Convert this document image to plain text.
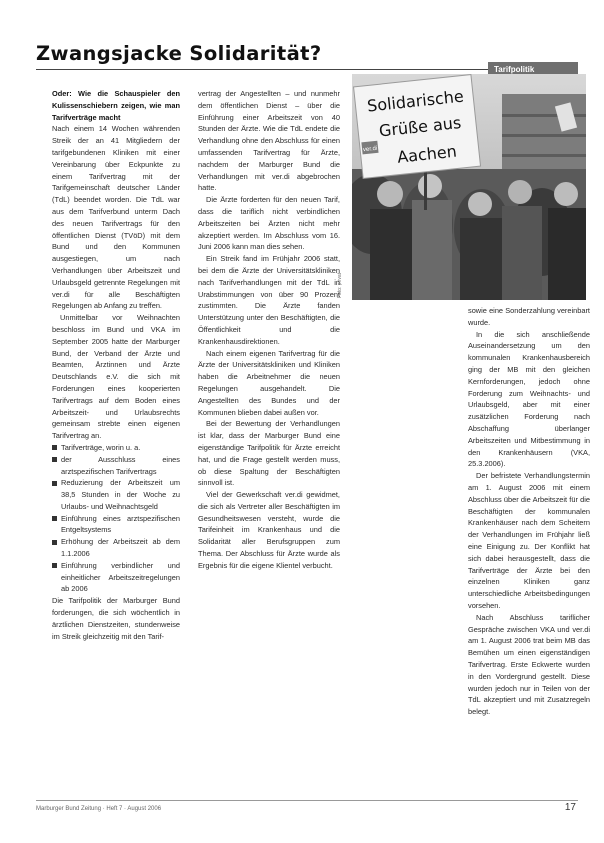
Zwangsjacke Solidarität?
Tarifpolitik
ver.di
Solidarische
Grüße aus
Aachen
Foto: privat

Oder: Wie die Schauspieler den Kulissenschiebern zeigen, wie man Tarifverträge macht

Nach einem 14 Wochen währenden Streik der an 41 Mitgliedern der tarifgebundenen Kliniken mit einer Vereinbarung über Eckpunkte zu einem Tarifvertrag mit der Tarifgemeinschaft deutscher Länder (TdL) beendet worden. Die TdL war aus dem Tarifverbund unterm Dach des neuen Tarifvertrags für den öffentlichen Dienst (TVöD) mit dem Bund und den Kommunen ausgestiegen, um nach Verhandlungen über Arbeitszeit und Urlaubsgeld getrennte Regelungen mit ver.di für alle Beschäftigten Regelungen ab Anfang zu treffen.

Unmittelbar vor Weihnachten beschloss im Bund und VKA im September 2005 hatte der Marburger Bund, der Verband der Ärzte und Beamten, Ärztinnen und Ärzte Deutschlands e.V. die sich mit Forderungen eines kooperierten Tarifvertrags auf dem Boden eines Arbeitszeit- und Urlaubsrechts gemeinsam strebte einen eigenen Tarifvertrag an.

Tarifverträge, worin u. a.
der Ausschluss eines arztspezifischen Tarifvertrags
Reduzierung der Arbeitszeit um 38,5 Stunden in der Woche zu Urlaubs- und Weihnachtsgeld
Einführung eines arztspezifischen Entgeltsystems
Erhöhung der Arbeitszeit ab dem 1.1.2006
Einführung verbindlicher und einheitlicher Arbeitszeitregelungen ab 2006

Die Tarifpolitik der Marburger Bund forderungen, die sich wöchentlich in ärztlichen Dienstzeiten, stundenweise im Streik gleichzeitig mit den Tarif-

vertrag der Angestellten – und nunmehr dem öffentlichen Dienst – über die Einführung einer Arbeitszeit von 40 Stunden der Ärzte. Wie die TdL endete die Verhandlung ohne den Abschluss für einen umfassenden Tarifvertrag für Ärzte, nachdem der Marburger Bund die Verhandlungen mit ver.di abgebrochen hatte.

Die Ärzte forderten für den neuen Tarif, dass die tariflich nicht verbindlichen Arbeitszeiten bei Ärzten nicht mehr akzeptiert werden. Im Abschluss vom 16. Juni 2006 kann man dies sehen.

Ein Streik fand im Frühjahr 2006 statt, bei dem die Ärzte der Universitätskliniken nach Tarifverhandlungen mit der TdL in Urabstimmungen von über 90 Prozent zustimmten. Die Ärzte fanden Unterstützung unter den Beschäftigten, die Öffentlichkeit und die Krankenhausdirektionen.

Nach einem eigenen Tarifvertrag für die Ärzte der Universitätskliniken und Kliniken haben die Arbeitnehmer die neuen Regelungen ausgehandelt. Die Angestellten des Bundes und der Kommunen blieben dabei außen vor.

Bei der Bewertung der Verhandlungen ist klar, dass der Marburger Bund eine eigenständige Tarifpolitik für Ärzte erreicht hat, und die Frage gestellt werden muss, ob diese Spaltung der Beschäftigten sinnvoll ist.

Viel der Gewerkschaft ver.di gewidmet, die sich als Vertreter aller Beschäftigten im Gesundheitswesen versteht, wurde die Tarifeinheit im Krankenhaus und die Solidarität aller Berufsgruppen zum Thema. Der Abschluss für Ärzte wurde als Ergebnis für die eigene Klientel verbucht.

sowie eine Sonderzahlung vereinbart wurde.

In die sich anschließende Auseinandersetzung um den kommunalen Krankenhausbereich ging der MB mit den gleichen Kernforderungen, jedoch ohne Forderung zum Weihnachts- und Urlaubsgeld, aber mit einer zusätzlichen Forderung nach Abschaffung überlanger Arbeitszeiten und Mitbestimmung in den Krankenhäusern (VKA, 25.3.2006).

Der befristete Verhandlungstermin am 1. August 2006 mit einem Abschluss über die Arbeitszeit für die Beschäftigten der kommunalen Krankenhäuser nach dem Scheitern der Verhandlungen im Frühjahr ließ eine Einigung zu. Der Konflikt hat sich dabei herausgestellt, dass die Tarifverträge der Ärzte bei den einzelnen Kliniken ganz unterschiedliche Arbeitsbedingungen vorsehen.

Nach Abschluss tariflicher Gespräche zwischen VKA und ver.di am 1. August 2006 trat beim MB das Bemühen um einen eigenständigen Tarifvertrag. Erste Eckwerte wurden in den Vordergrund gestellt. Diese wurden jedoch nur in Teilen von der TdL akzeptiert und mit Zusatzregeln belegt.

Marburger Bund Zeitung · Heft 7 · August 2006	17
